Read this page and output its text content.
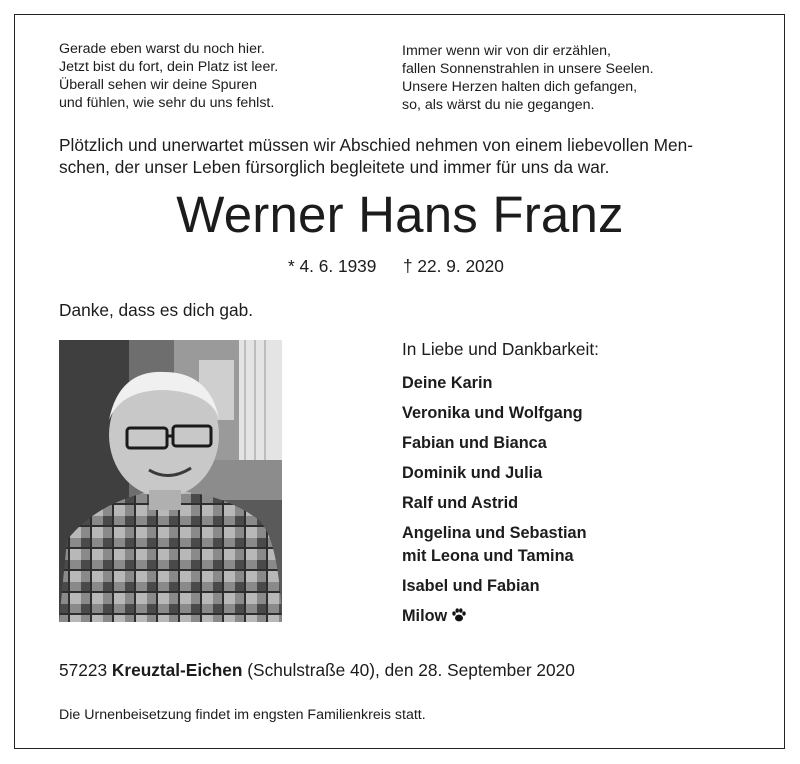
Gerade eben warst du noch hier.
Jetzt bist du fort, dein Platz ist leer.
Überall sehen wir deine Spuren
und fühlen, wie sehr du uns fehlst.
Immer wenn wir von dir erzählen,
fallen Sonnenstrahlen in unsere Seelen.
Unsere Herzen halten dich gefangen,
so, als wärst du nie gegangen.
Plötzlich und unerwartet müssen wir Abschied nehmen von einem liebevollen Men-
schen, der unser Leben fürsorglich begleitete und immer für uns da war.
Werner Hans Franz
* 4. 6. 1939 † 22. 9. 2020
Danke, dass es dich gab.
In Liebe und Dankbarkeit:
Deine Karin
Veronika und Wolfgang
Fabian und Bianca
Dominik und Julia
Ralf und Astrid
Angelina und Sebastian
mit Leona und Tamina
Isabel und Fabian
Milow
57223 Kreuztal-Eichen (Schulstraße 40), den 28. September 2020
Die Urnenbeisetzung findet im engsten Familienkreis statt.
